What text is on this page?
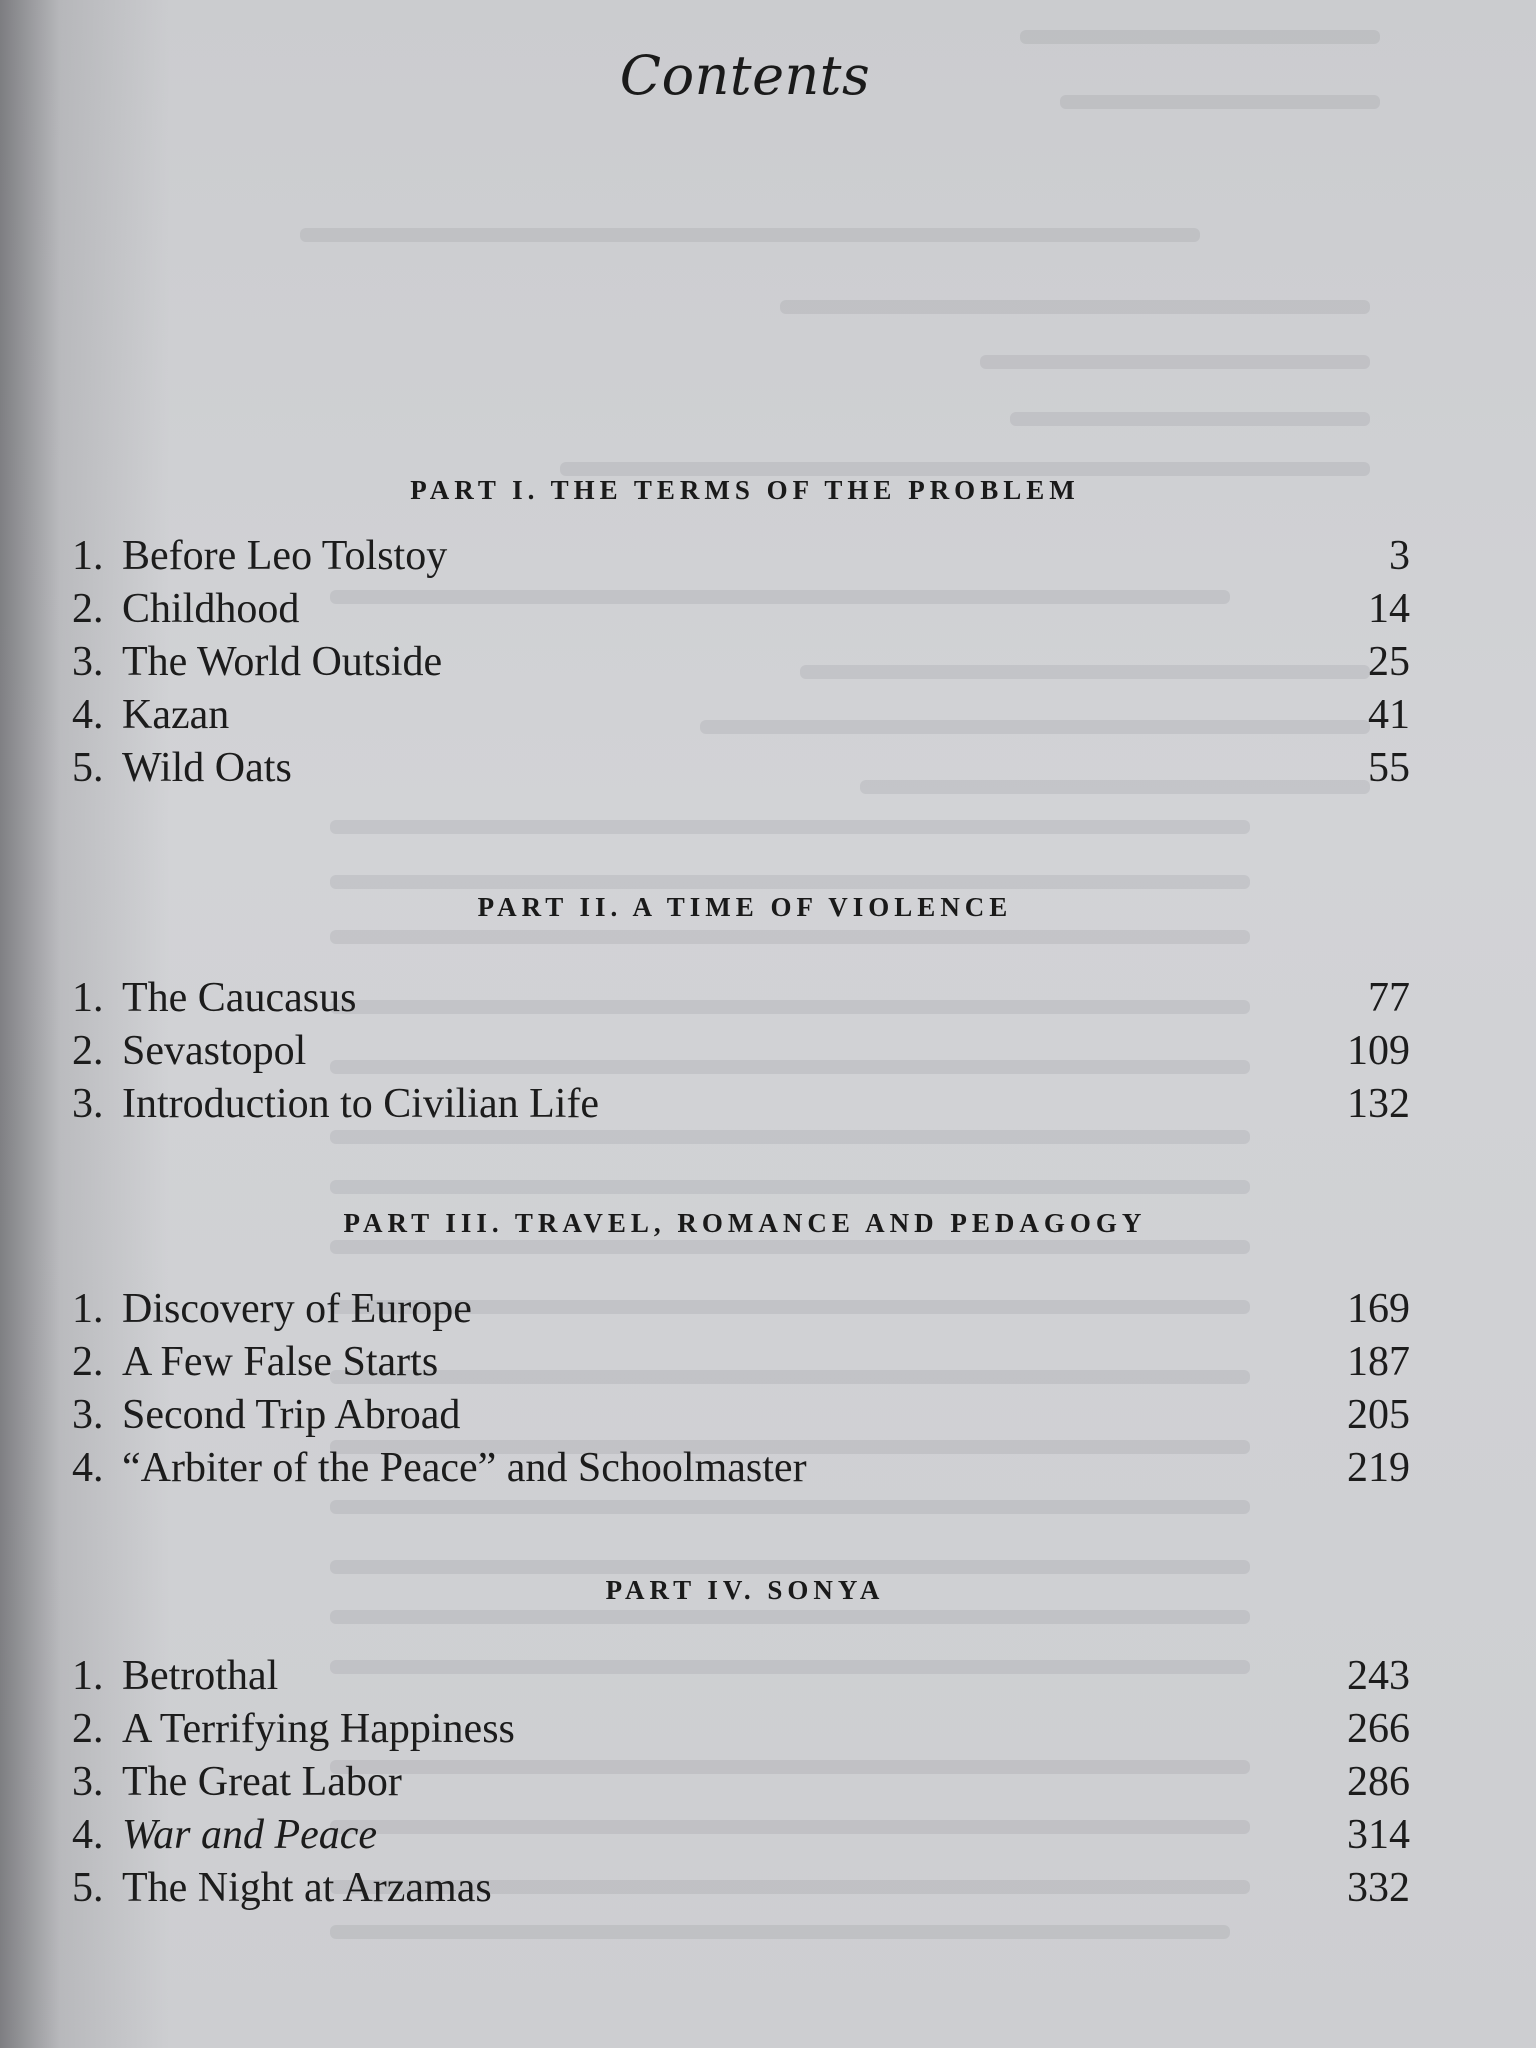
Contents
PART I. THE TERMS OF THE PROBLEM
1. Before Leo Tolstoy	3
2. Childhood	14
3. The World Outside	25
4. Kazan	41
5. Wild Oats	55
PART II. A TIME OF VIOLENCE
1. The Caucasus	77
2. Sevastopol	109
3. Introduction to Civilian Life	132
PART III. TRAVEL, ROMANCE AND PEDAGOGY
1. Discovery of Europe	169
2. A Few False Starts	187
3. Second Trip Abroad	205
4. “Arbiter of the Peace” and Schoolmaster	219
PART IV. SONYA
1. Betrothal	243
2. A Terrifying Happiness	266
3. The Great Labor	286
4. War and Peace	314
5. The Night at Arzamas	332
